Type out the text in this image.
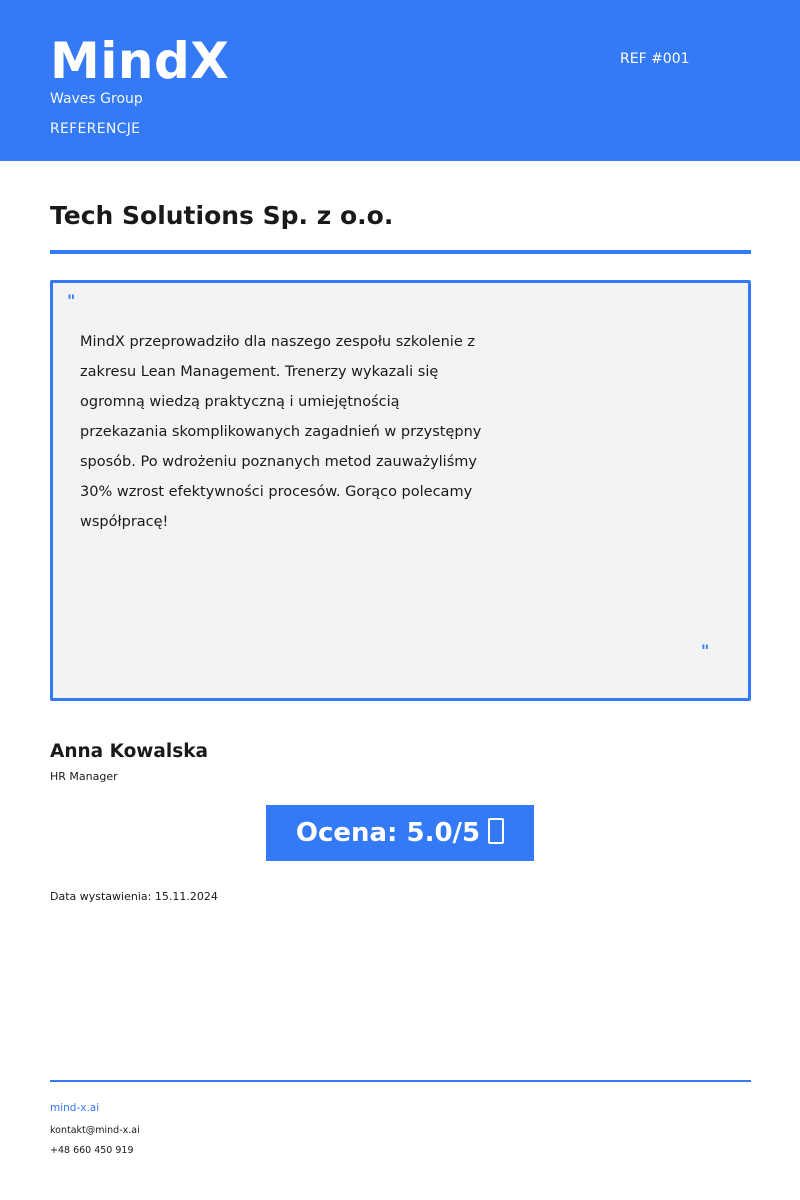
MindX
Waves Group
REFERENCJE
REF #001
Tech Solutions Sp. z o.o.
"
MindX przeprowadziło dla naszego zespołu szkolenie z
zakresu Lean Management. Trenerzy wykazali się
ogromną wiedzą praktyczną i umiejętnością
przekazania skomplikowanych zagadnień w przystępny
sposób. Po wdrożeniu poznanych metod zauważyliśmy
30% wzrost efektywności procesów. Gorąco polecamy
współpracę!
"
Anna Kowalska
HR Manager
Ocena: 5.0/5
Data wystawienia: 15.11.2024
mind-x.ai
kontakt@mind-x.ai
+48 660 450 919
